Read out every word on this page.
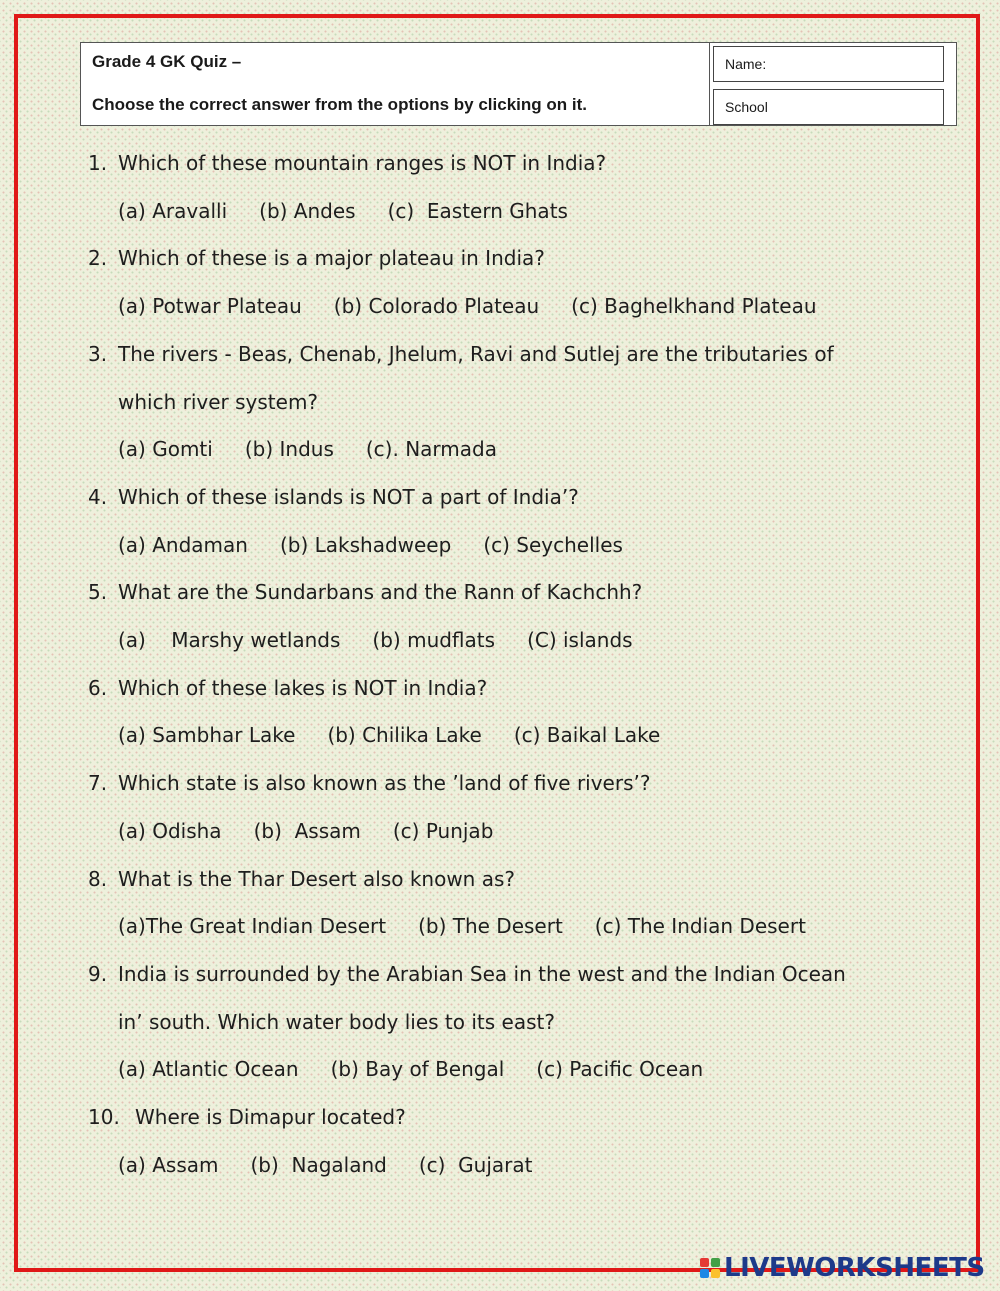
Grade 4 GK Quiz –
Choose the correct answer from the options by clicking on it.
Name:
School
1. Which of these mountain ranges is NOT in India?
(a) Aravalli (b) Andes (c)  Eastern Ghats
2. Which of these is a major plateau in India?
(a) Potwar Plateau (b) Colorado Plateau (c) Baghelkhand Plateau
3. The rivers - Beas, Chenab, Jhelum, Ravi and Sutlej are the tributaries of
which river system?
(a) Gomti (b) Indus (c). Narmada
4. Which of these islands is NOT a part of India’?
(a) Andaman (b) Lakshadweep (c) Seychelles
5. What are the Sundarbans and the Rann of Kachchh?
(a)    Marshy wetlands (b) mudflats (C) islands
6. Which of these lakes is NOT in India?
(a) Sambhar Lake (b) Chilika Lake (c) Baikal Lake
7. Which state is also known as the ’land of five rivers’?
(a) Odisha (b)  Assam (c) Punjab
8. What is the Thar Desert also known as?
(a)The Great Indian Desert (b) The Desert (c) The Indian Desert
9. India is surrounded by the Arabian Sea in the west and the Indian Ocean
in’ south. Which water body lies to its east?
(a) Atlantic Ocean (b) Bay of Bengal (c) Pacific Ocean
10. Where is Dimapur located?
(a) Assam (b)  Nagaland (c)  Gujarat
LIVEWORKSHEETS
